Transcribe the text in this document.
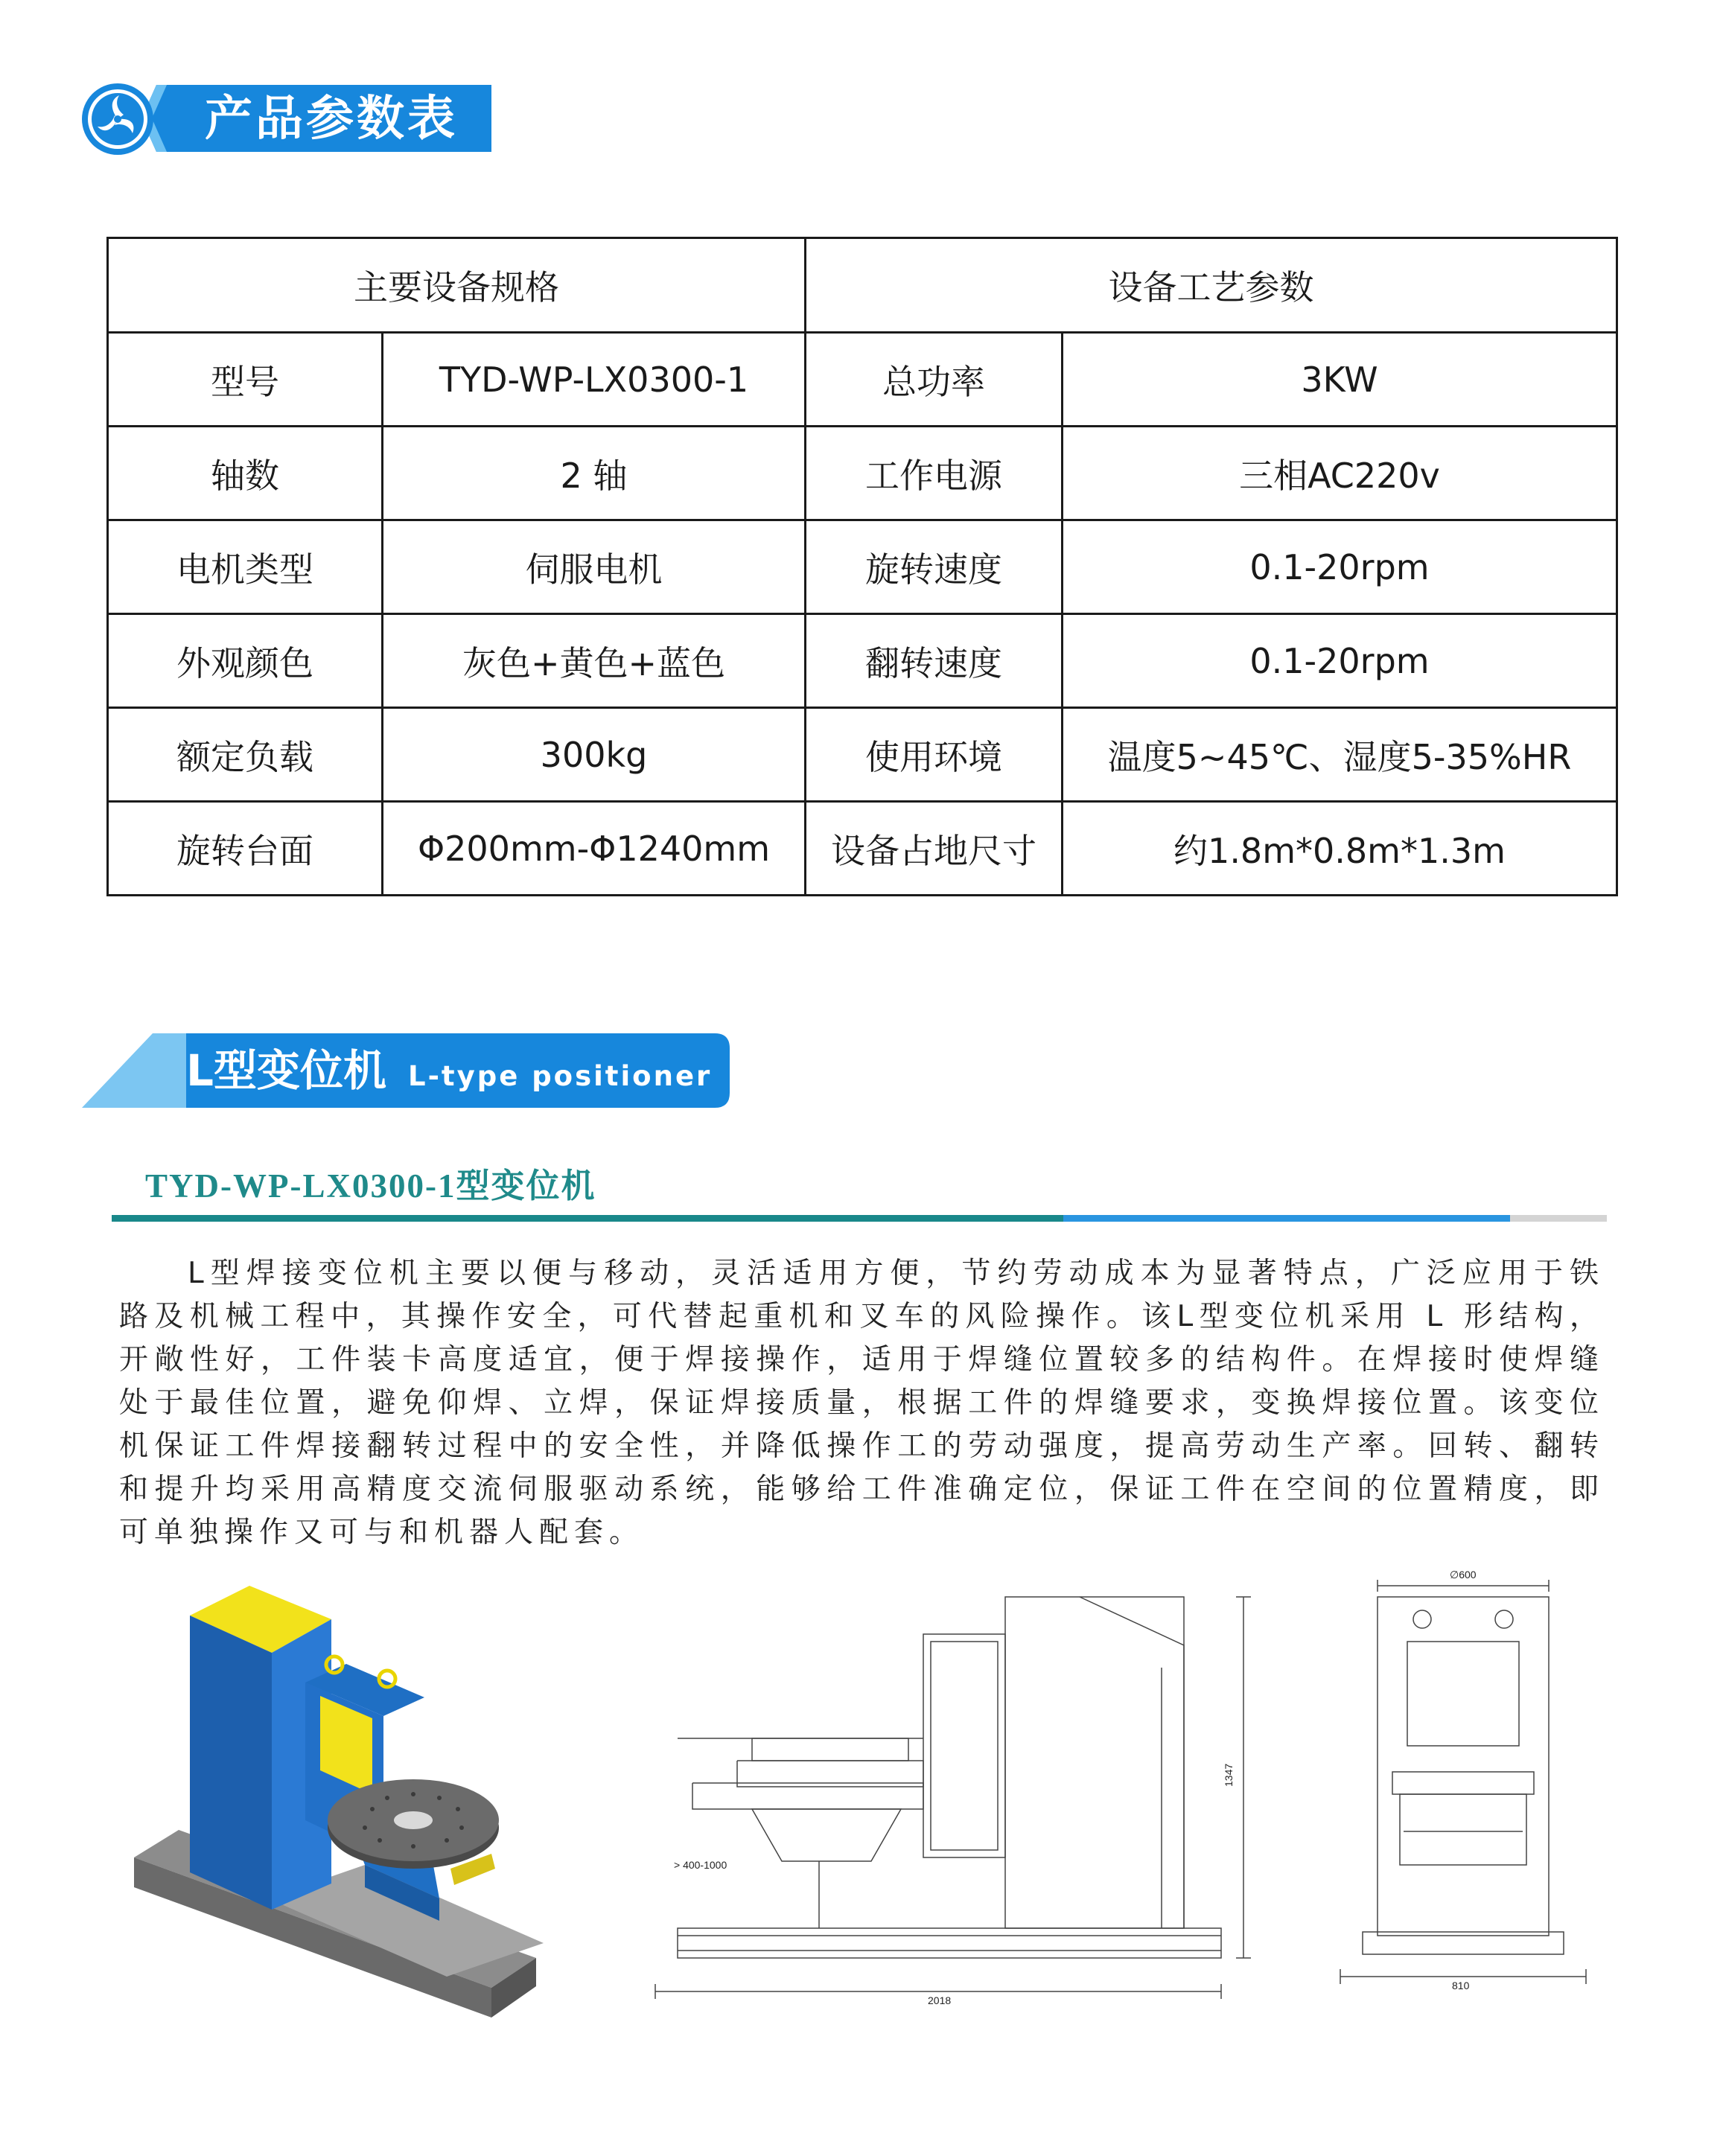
产品参数表
主要设备规格		设备工艺参数	
型号	TYD-WP-LX0300-1	总功率	3KW
轴数	2 轴	工作电源	三相AC220v
电机类型	伺服电机	旋转速度	0.1-20rpm
外观颜色	灰色+黄色+蓝色	翻转速度	0.1-20rpm
额定负载	300kg	使用环境	温度5~45℃、湿度5-35%HR
旋转台面	Φ200mm-Φ1240mm	设备占地尺寸	约1.8m*0.8m*1.3m
L型变位机 L-type positioner
TYD-WP-LX0300-1型变位机
L型焊接变位机主要以便与移动，灵活适用方便，节约劳动成本为显著特点，广泛应用于铁路及机械工程中，其操作安全，可代替起重机和叉车的风险操作。该L型变位机采用 L 形结构，开敞性好，工件装卡高度适宜，便于焊接操作，适用于焊缝位置较多的结构件。在焊接时使焊缝处于最佳位置，避免仰焊、立焊，保证焊接质量，根据工件的焊缝要求，变换焊接位置。该变位机保证工件焊接翻转过程中的安全性，并降低操作工的劳动强度，提高劳动生产率。回转、翻转和提升均采用高精度交流伺服驱动系统，能够给工件准确定位，保证工件在空间的位置精度，即可单独操作又可与和机器人配套。
2018
1347
> 400-1000
∅600
810
